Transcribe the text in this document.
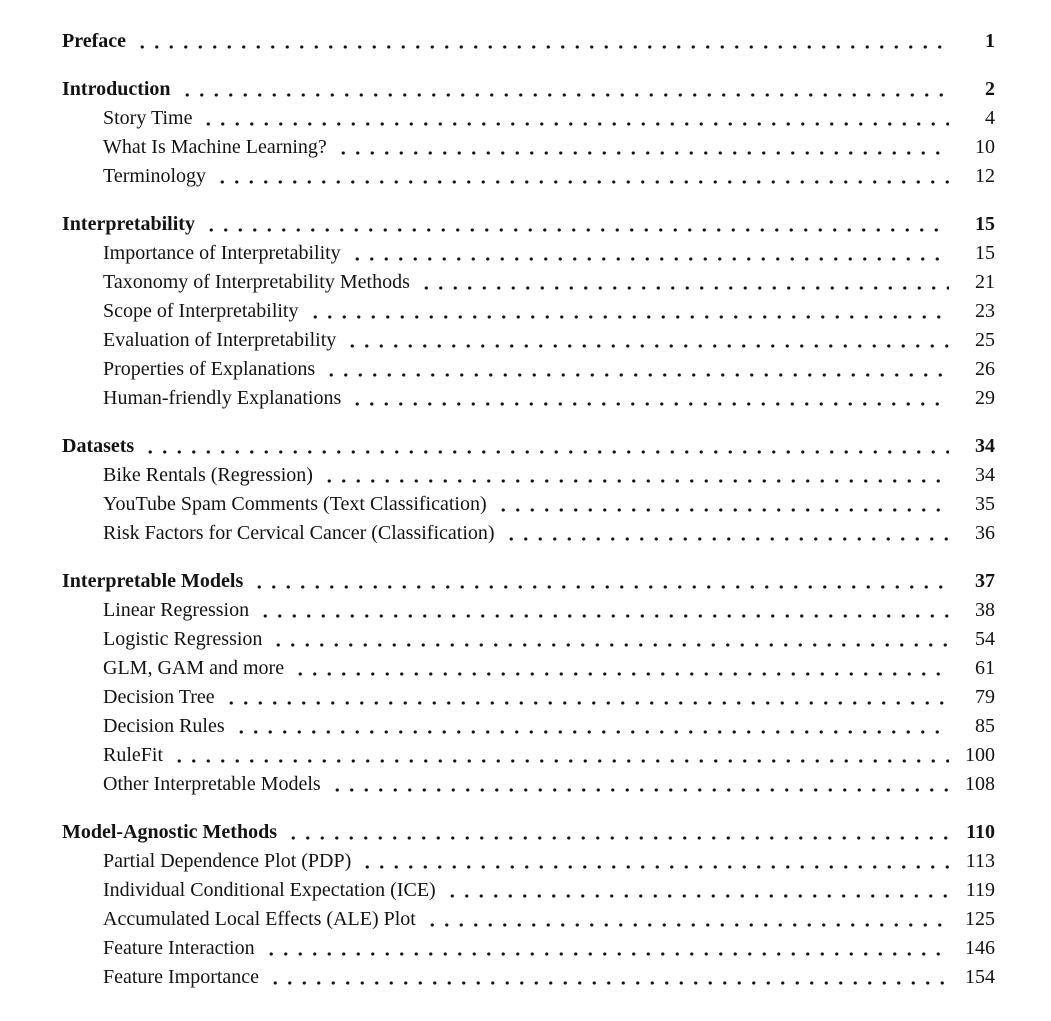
Preface	1
Introduction	2
Story Time	4
What Is Machine Learning?	10
Terminology	12
Interpretability	15
Importance of Interpretability	15
Taxonomy of Interpretability Methods	21
Scope of Interpretability	23
Evaluation of Interpretability	25
Properties of Explanations	26
Human-friendly Explanations	29
Datasets	34
Bike Rentals (Regression)	34
YouTube Spam Comments (Text Classification)	35
Risk Factors for Cervical Cancer (Classification)	36
Interpretable Models	37
Linear Regression	38
Logistic Regression	54
GLM, GAM and more	61
Decision Tree	79
Decision Rules	85
RuleFit	100
Other Interpretable Models	108
Model-Agnostic Methods	110
Partial Dependence Plot (PDP)	113
Individual Conditional Expectation (ICE)	119
Accumulated Local Effects (ALE) Plot	125
Feature Interaction	146
Feature Importance	154
